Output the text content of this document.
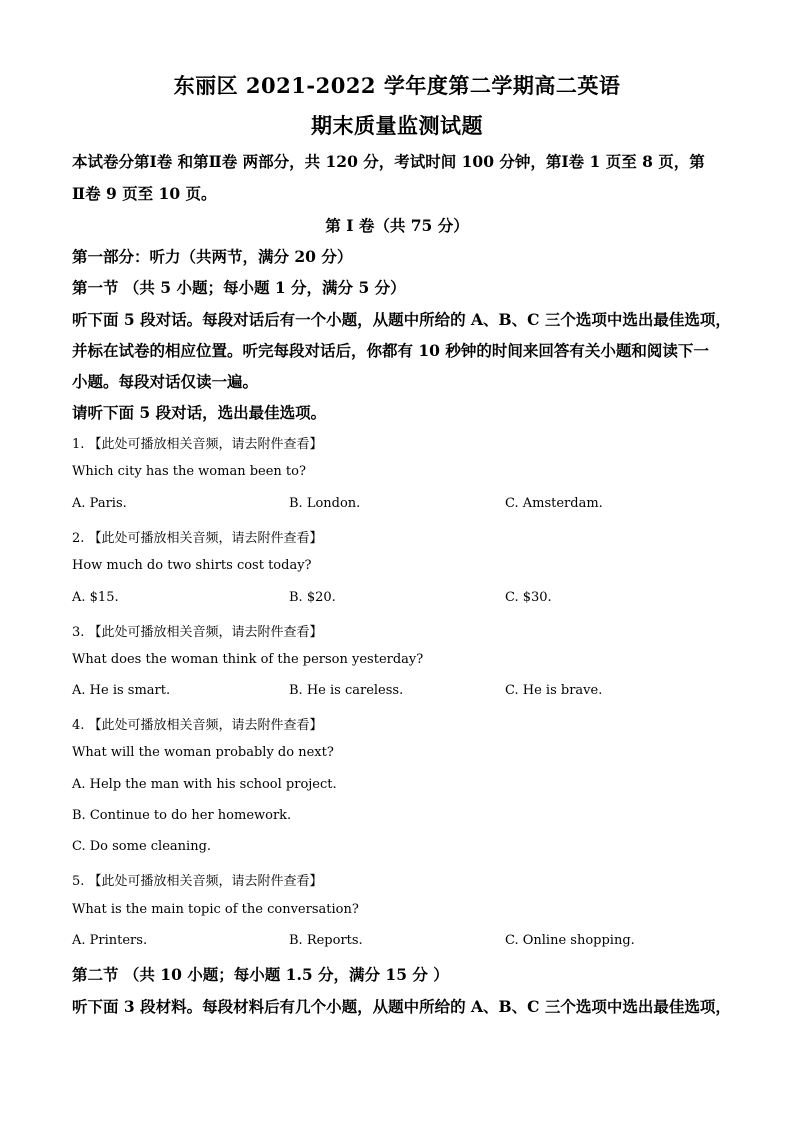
东丽区 2021-2022 学年度第二学期高二英语
期末质量监测试题
本试卷分第Ⅰ卷 和第Ⅱ卷 两部分，共 120 分，考试时间 100 分钟，第Ⅰ卷 1 页至 8 页，第
Ⅱ卷 9 页至 10 页。
第 I 卷（共 75 分）
第一部分：听力（共两节，满分 20 分）
第一节 （共 5 小题；每小题 1 分，满分 5 分）
听下面 5 段对话。每段对话后有一个小题，从题中所给的 A、B、C 三个选项中选出最佳选项，
并标在试卷的相应位置。听完每段对话后，你都有 10 秒钟的时间来回答有关小题和阅读下一
小题。每段对话仅读一遍。
请听下面 5 段对话，选出最佳选项。
1. 【此处可播放相关音频，请去附件查看】
Which city has the woman been to?
A. Paris.	B. London.	C. Amsterdam.
2. 【此处可播放相关音频，请去附件查看】
How much do two shirts cost today?
A. $15.	B. $20.	C. $30.
3. 【此处可播放相关音频，请去附件查看】
What does the woman think of the person yesterday?
A. He is smart.	B. He is careless.	C. He is brave.
4. 【此处可播放相关音频，请去附件查看】
What will the woman probably do next?
A. Help the man with his school project.
B. Continue to do her homework.
C. Do some cleaning.
5. 【此处可播放相关音频，请去附件查看】
What is the main topic of the conversation?
A. Printers.	B. Reports.	C. Online shopping.
第二节 （共 10 小题；每小题 1.5 分，满分 15 分 ）
听下面 3 段材料。每段材料后有几个小题，从题中所给的 A、B、C 三个选项中选出最佳选项，
